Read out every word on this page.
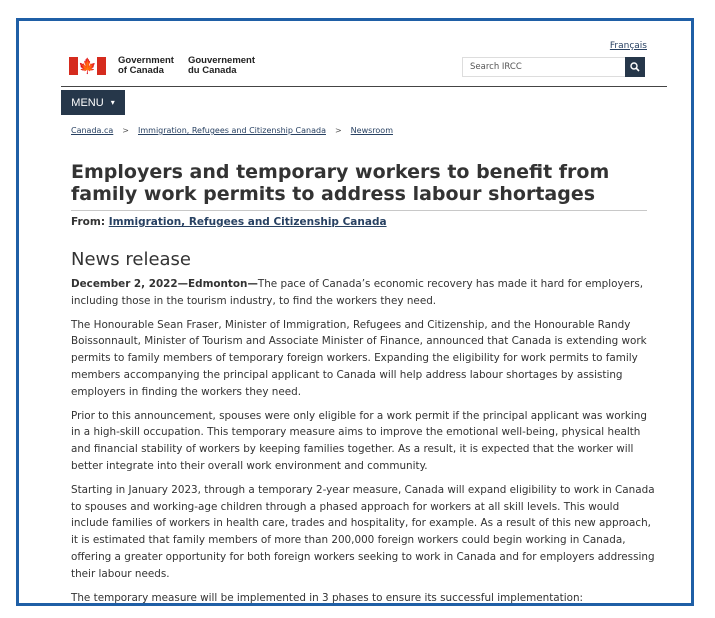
Français
🍁 Government
of Canada
Gouvernement
du Canada	Search IRCC
MENU ▾
Canada.ca > Immigration, Refugees and Citizenship Canada > Newsroom
Employers and temporary workers to benefit from family work permits to address labour shortages
From: Immigration, Refugees and Citizenship Canada
News release

December 2, 2022—Edmonton—The pace of Canada’s economic recovery has made it hard for employers, including those in the tourism industry, to find the workers they need.

The Honourable Sean Fraser, Minister of Immigration, Refugees and Citizenship, and the Honourable Randy Boissonnault, Minister of Tourism and Associate Minister of Finance, announced that Canada is extending work permits to family members of temporary foreign workers. Expanding the eligibility for work permits to family members accompanying the principal applicant to Canada will help address labour shortages by assisting employers in finding the workers they need.

Prior to this announcement, spouses were only eligible for a work permit if the principal applicant was working in a high-skill occupation. This temporary measure aims to improve the emotional well-being, physical health and financial stability of workers by keeping families together. As a result, it is expected that the worker will better integrate into their overall work environment and community.

Starting in January 2023, through a temporary 2-year measure, Canada will expand eligibility to work in Canada to spouses and working-age children through a phased approach for workers at all skill levels. This would include families of workers in health care, trades and hospitality, for example. As a result of this new approach, it is estimated that family members of more than 200,000 foreign workers could begin working in Canada, offering a greater opportunity for both foreign workers seeking to work in Canada and for employers addressing their labour needs.

The temporary measure will be implemented in 3 phases to ensure its successful implementation:
